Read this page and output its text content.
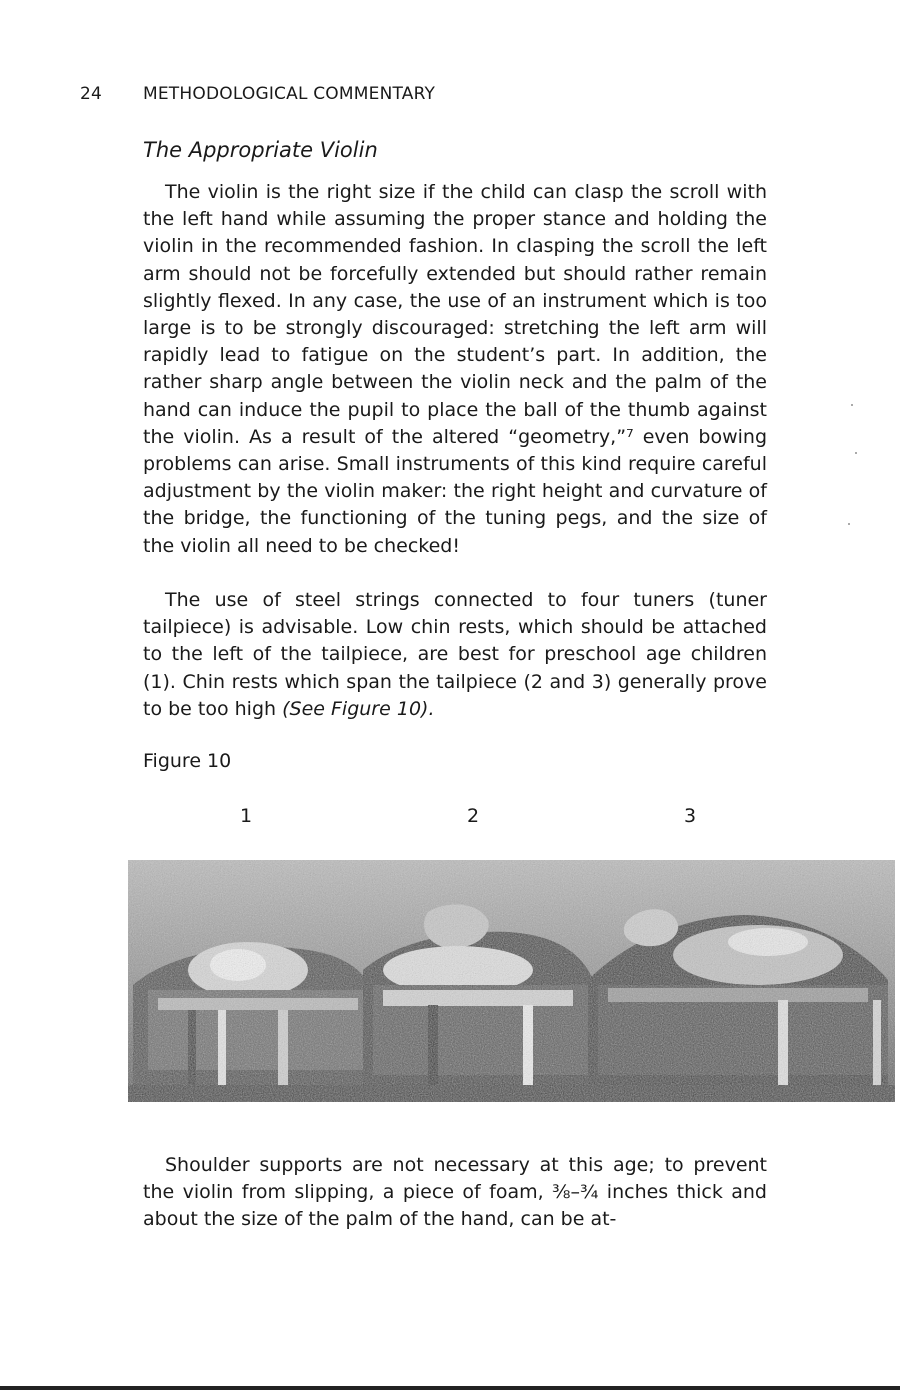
24 METHODOLOGICAL COMMENTARY
The Appropriate Violin

The violin is the right size if the child can clasp the scroll with the left hand while assuming the proper stance and holding the violin in the recommended fashion. In clasping the scroll the left arm should not be forcefully extended but should rather remain slightly flexed. In any case, the use of an instrument which is too large is to be strongly discouraged: stretching the left arm will rapidly lead to fatigue on the student’s part. In addition, the rather sharp angle between the violin neck and the palm of the hand can induce the pupil to place the ball of the thumb against the violin. As a result of the altered “geometry,”⁷ even bowing problems can arise. Small instruments of this kind require careful adjustment by the violin maker: the right height and curvature of the bridge, the functioning of the tuning pegs, and the size of the violin all need to be checked!

The use of steel strings connected to four tuners (tuner tailpiece) is advisable. Low chin rests, which should be attached to the left of the tailpiece, are best for preschool age children (1). Chin rests which span the tailpiece (2 and 3) generally prove to be too high (See Figure 10).

Figure 10
1	2	3

Shoulder supports are not necessary at this age; to prevent the violin from slipping, a piece of foam, ⅜–¾ inches thick and about the size of the palm of the hand, can be at-
